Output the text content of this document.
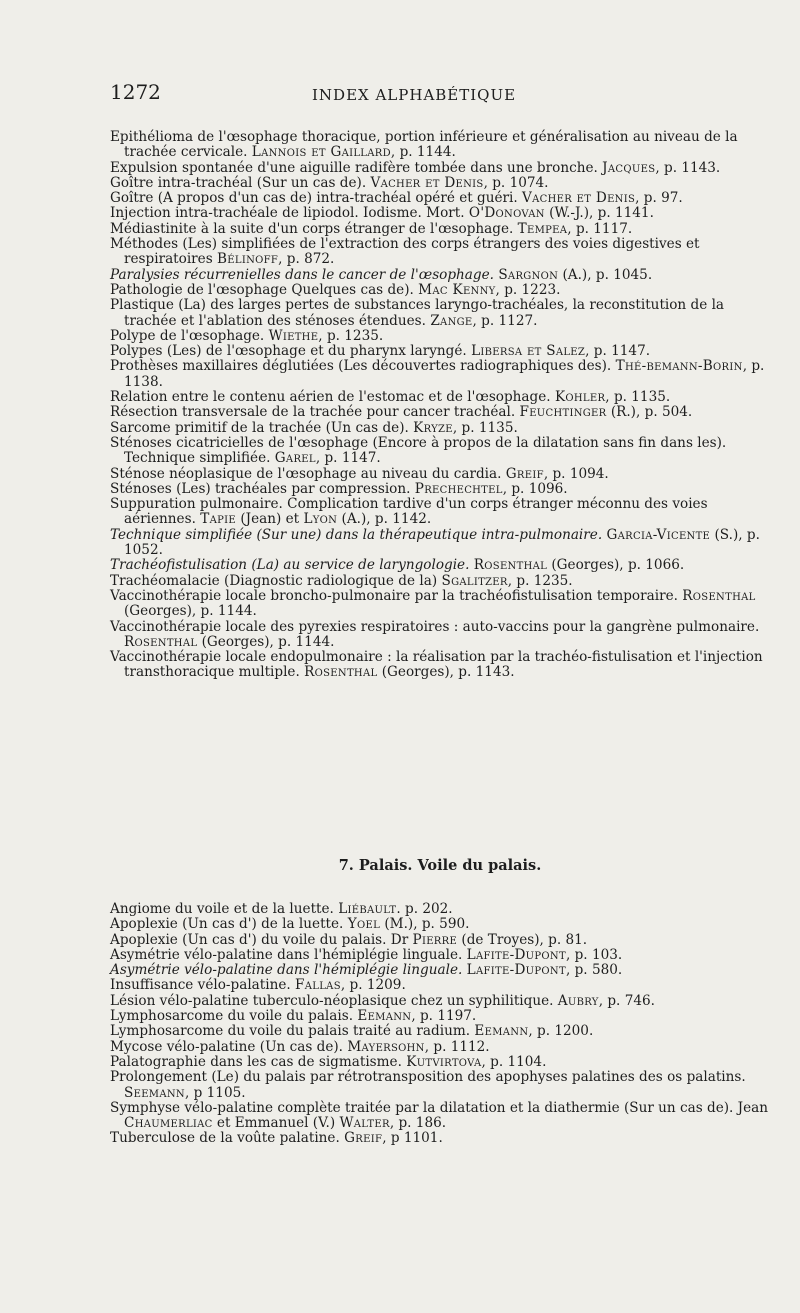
1272	INDEX ALPHABÉTIQUE

Epithélioma de l'œsophage thoracique, portion inférieure et généralisation au niveau de la trachée cervicale. Lannois et Gaillard, p. 1144.

Expulsion spontanée d'une aiguille radifère tombée dans une bronche. Jacques, p. 1143.

Goître intra-trachéal (Sur un cas de). Vacher et Denis, p. 1074.

Goître (A propos d'un cas de) intra-trachéal opéré et guéri. Vacher et Denis, p. 97.

Injection intra-trachéale de lipiodol. Iodisme. Mort. O'Donovan (W.-J.), p. 1141.

Médiastinite à la suite d'un corps étranger de l'œsophage. Tempea, p. 1117.

Méthodes (Les) simplifiées de l'extraction des corps étrangers des voies digestives et respiratoires Bélinoff, p. 872.

Paralysies récurrenielles dans le cancer de l'œsophage. Sargnon (A.), p. 1045.

Pathologie de l'œsophage Quelques cas de). Mac Kenny, p. 1223.

Plastique (La) des larges pertes de substances laryngo-trachéales, la reconstitution de la trachée et l'ablation des sténoses étendues. Zange, p. 1127.

Polype de l'œsophage. Wiethe, p. 1235.

Polypes (Les) de l'œsophage et du pharynx laryngé. Libersa et Salez, p. 1147.

Prothèses maxillaires déglutiées (Les découvertes radiographiques des). Thé-bemann-Borin, p. 1138.

Relation entre le contenu aérien de l'estomac et de l'œsophage. Kohler, p. 1135.

Résection transversale de la trachée pour cancer trachéal. Feuchtinger (R.), p. 504.

Sarcome primitif de la trachée (Un cas de). Kryze, p. 1135.

Sténoses cicatricielles de l'œsophage (Encore à propos de la dilatation sans fin dans les). Technique simplifiée. Garel, p. 1147.

Sténose néoplasique de l'œsophage au niveau du cardia. Greif, p. 1094.

Sténoses (Les) trachéales par compression. Prechechtel, p. 1096.

Suppuration pulmonaire. Complication tardive d'un corps étranger méconnu des voies aériennes. Tapie (Jean) et Lyon (A.), p. 1142.

Technique simplifiée (Sur une) dans la thérapeutique intra-pulmonaire. Garcia-Vicente (S.), p. 1052.

Trachéofistulisation (La) au service de laryngologie. Rosenthal (Georges), p. 1066.

Trachéomalacie (Diagnostic radiologique de la) Sgalitzer, p. 1235.

Vaccinothérapie locale broncho-pulmonaire par la trachéofistulisation temporaire. Rosenthal (Georges), p. 1144.

Vaccinothérapie locale des pyrexies respiratoires : auto-vaccins pour la gangrène pulmonaire. Rosenthal (Georges), p. 1144.

Vaccinothérapie locale endopulmonaire : la réalisation par la trachéo-fistulisation et l'injection transthoracique multiple. Rosenthal (Georges), p. 1143.

7. Palais. Voile du palais.

Angiome du voile et de la luette. Liébault. p. 202.

Apoplexie (Un cas d') de la luette. Yoel (M.), p. 590.

Apoplexie (Un cas d') du voile du palais. Dr Pierre (de Troyes), p. 81.

Asymétrie vélo-palatine dans l'hémiplégie linguale. Lafite-Dupont, p. 103.

Asymétrie vélo-palatine dans l'hémiplégie linguale. Lafite-Dupont, p. 580.

Insuffisance vélo-palatine. Fallas, p. 1209.

Lésion vélo-palatine tuberculo-néoplasique chez un syphilitique. Aubry, p. 746.

Lymphosarcome du voile du palais. Eemann, p. 1197.

Lymphosarcome du voile du palais traité au radium. Eemann, p. 1200.

Mycose vélo-palatine (Un cas de). Mayersohn, p. 1112.

Palatographie dans les cas de sigmatisme. Kutvirtova, p. 1104.

Prolongement (Le) du palais par rétrotransposition des apophyses palatines des os palatins. Seemann, p 1105.

Symphyse vélo-palatine complète traitée par la dilatation et la diathermie (Sur un cas de). Jean Chaumerliac et Emmanuel (V.) Walter, p. 186.

Tuberculose de la voûte palatine. Greif, p 1101.
